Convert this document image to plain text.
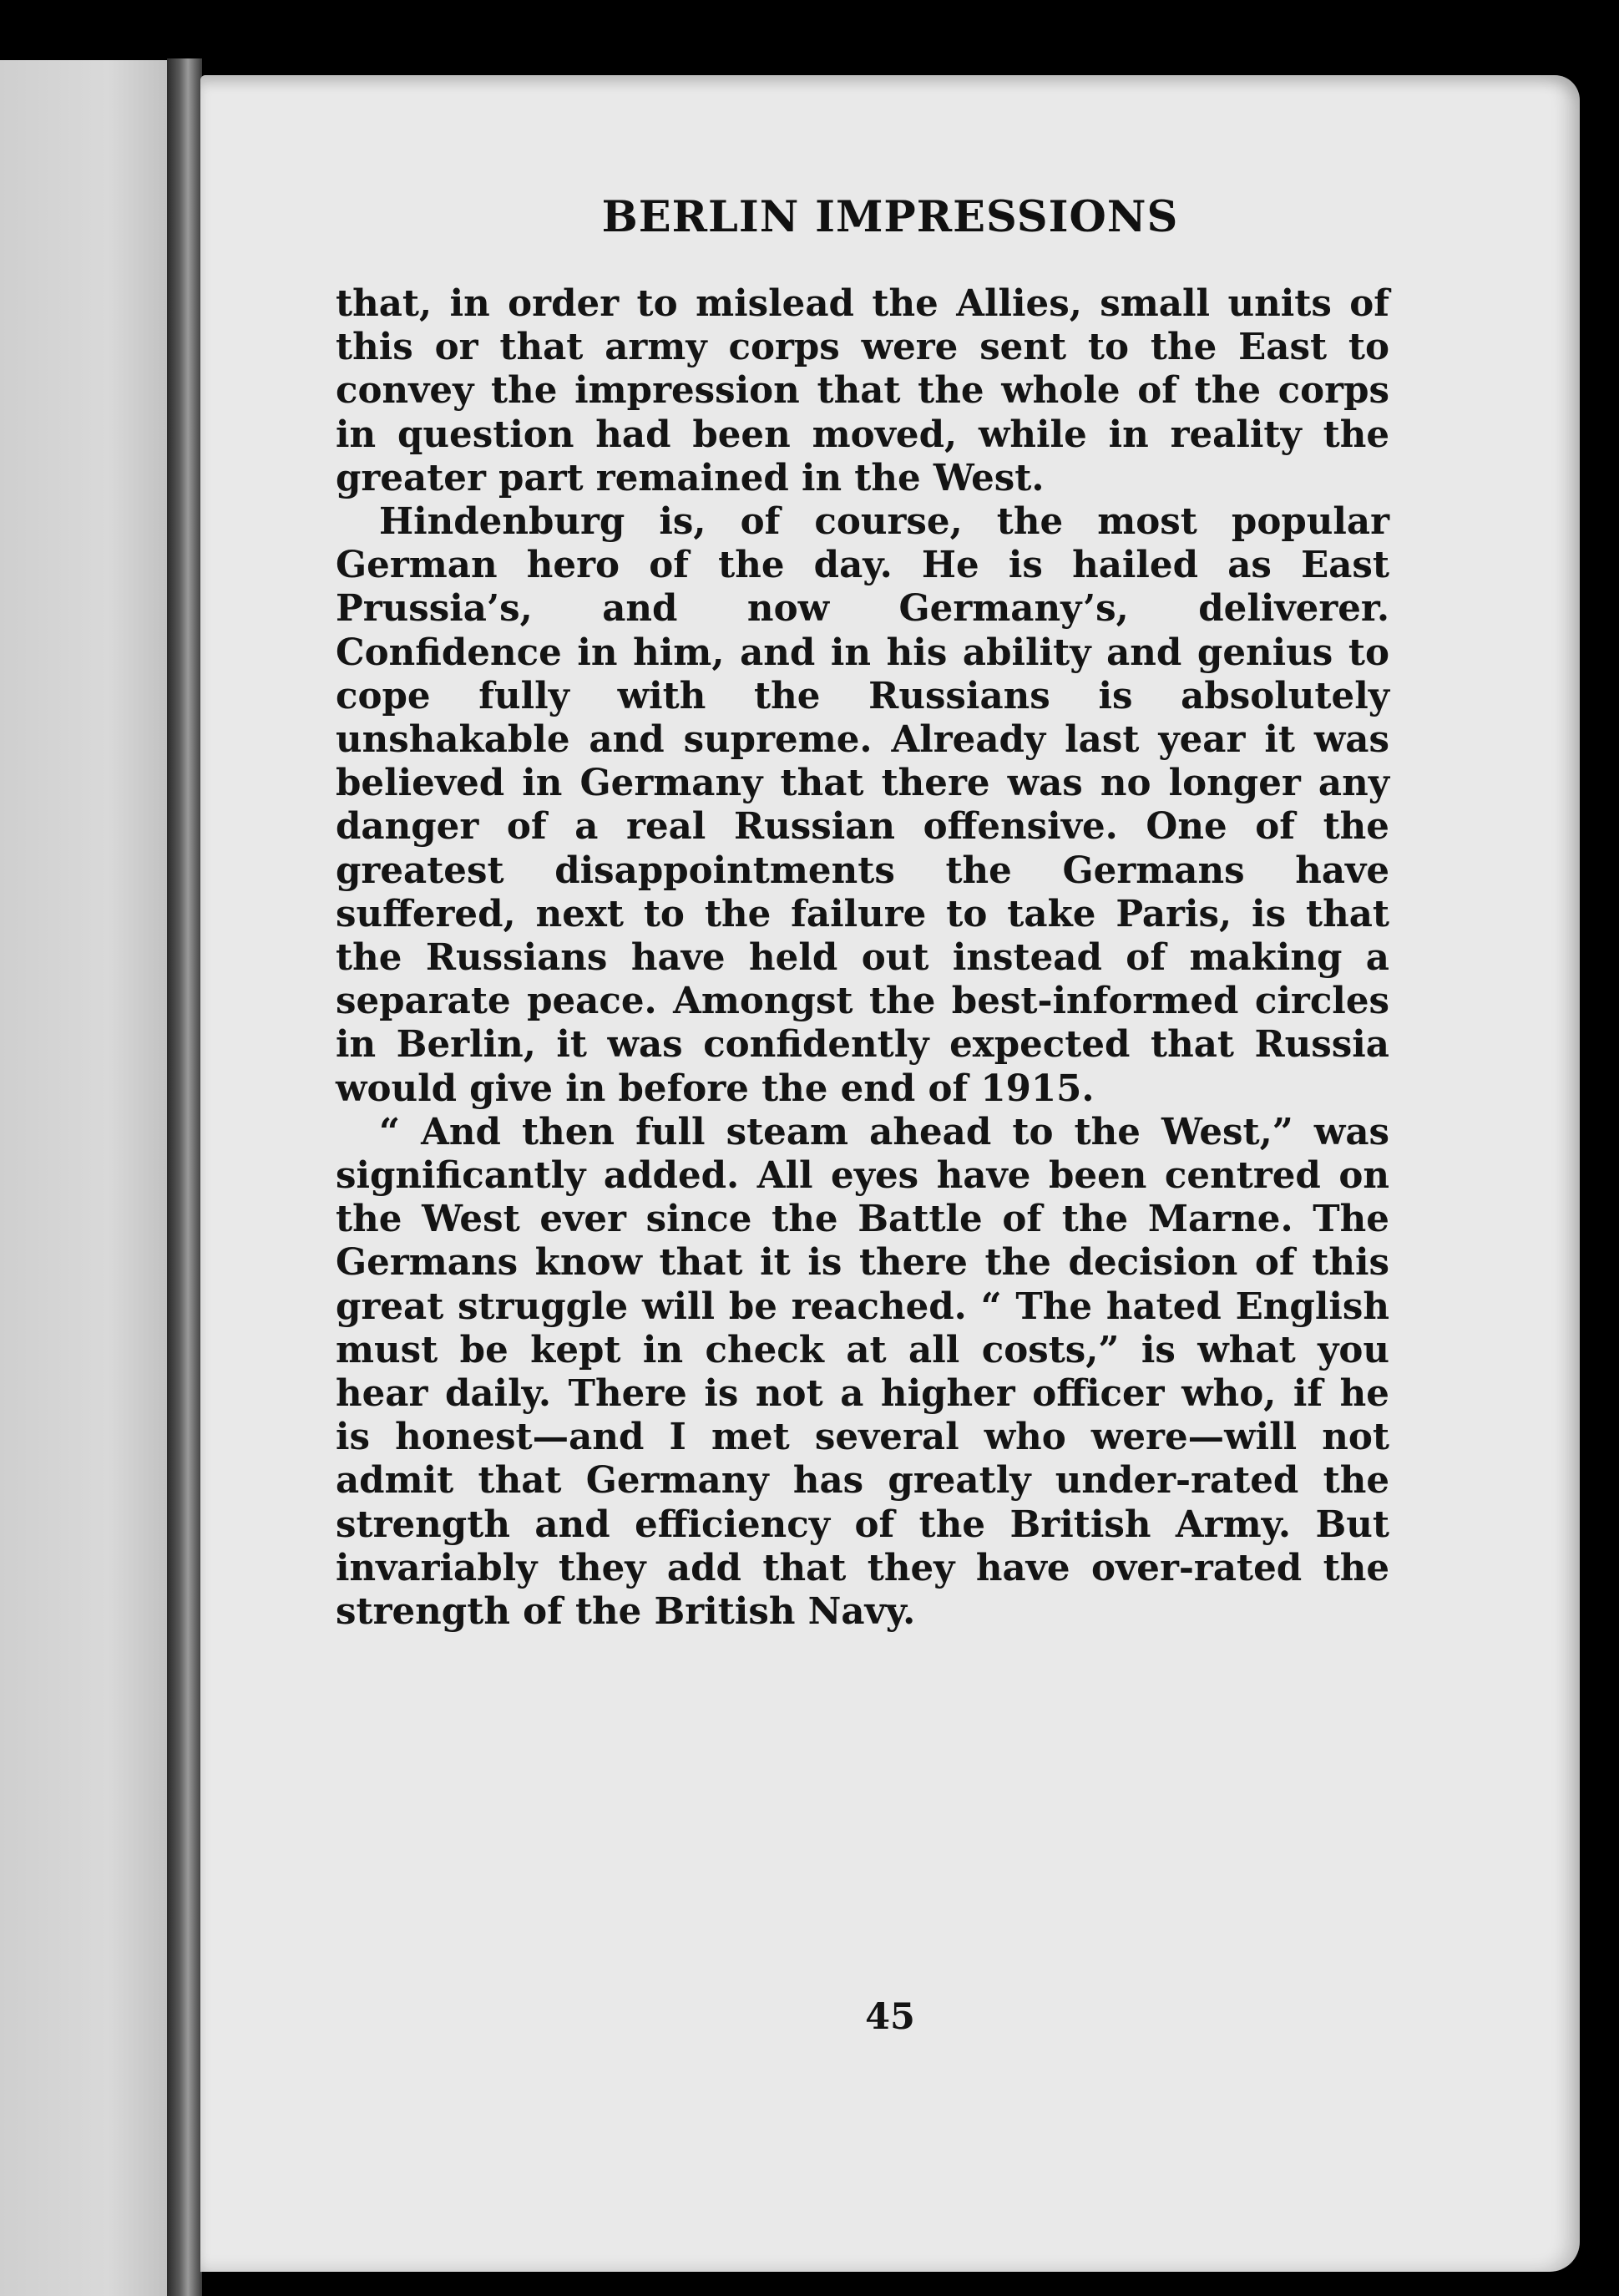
BERLIN IMPRESSIONS

that, in order to mislead the Allies, small units of this or that army corps were sent to the East to convey the impression that the whole of the corps in question had been moved, while in reality the greater part remained in the West.

Hindenburg is, of course, the most popular German hero of the day. He is hailed as East Prussia’s, and now Germany’s, deliverer. Confidence in him, and in his ability and genius to cope fully with the Russians is absolutely unshakable and supreme. Already last year it was believed in Germany that there was no longer any danger of a real Russian offensive. One of the greatest disappointments the Germans have suffered, next to the failure to take Paris, is that the Russians have held out instead of making a separate peace. Amongst the best-informed circles in Berlin, it was confidently expected that Russia would give in before the end of 1915.

“ And then full steam ahead to the West,” was significantly added. All eyes have been centred on the West ever since the Battle of the Marne. The Germans know that it is there the decision of this great struggle will be reached. “ The hated English must be kept in check at all costs,” is what you hear daily. There is not a higher officer who, if he is honest—and I met several who were—will not admit that Germany has greatly under-rated the strength and efficiency of the British Army. But invariably they add that they have over-rated the strength of the British Navy.

45
